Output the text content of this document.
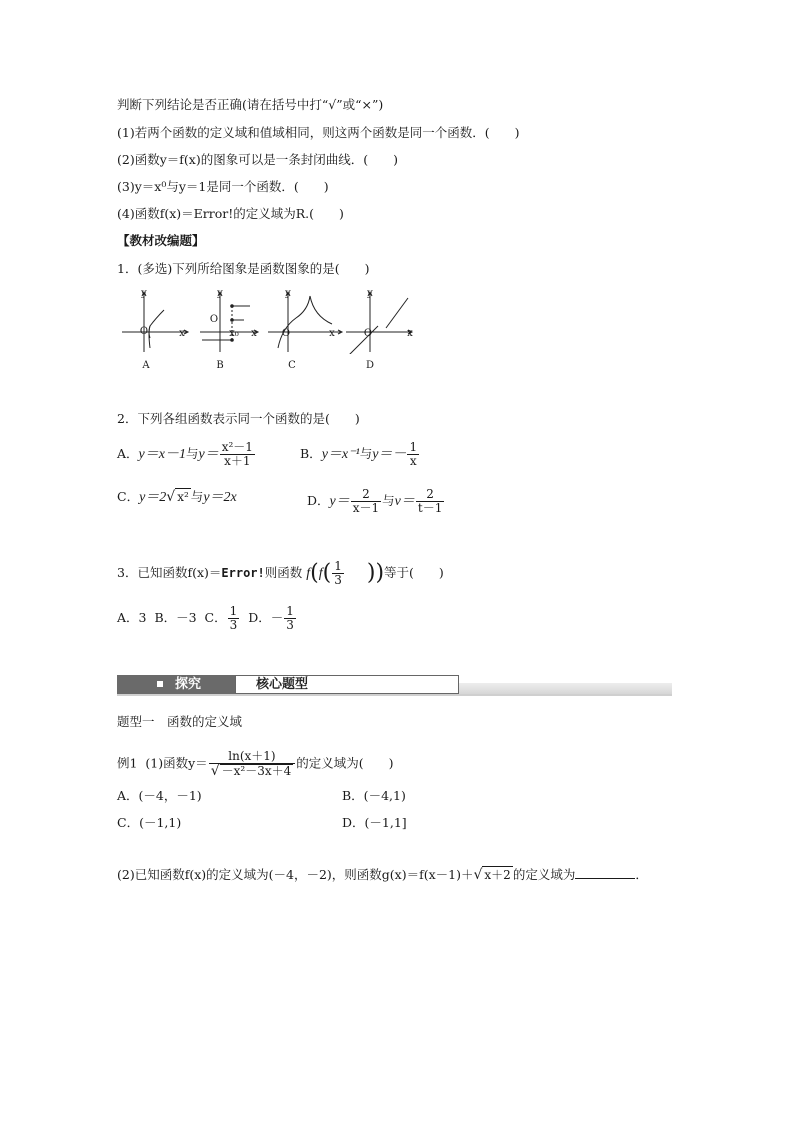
判断下列结论是否正确(请在括号中打“√”或“×”)
(1)若两个函数的定义域和值域相同，则这两个函数是同一个函数．(　　)
(2)函数y＝f(x)的图象可以是一条封闭曲线．(　　)
(3)y＝x⁰与y＝1是同一个函数．(　　)
(4)函数f(x)＝Error!的定义域为R.(　　)
【教材改编题】
1．(多选)下列所给图象是函数图象的是(　　)
y
O	x
A
y
O
x₀	x
B
y
O	x
C
y
O	x
D
2．下列各组函数表示同一个函数的是(　　)
A．y＝x－1与$y= \frac{\text{x²－1}}{x+1}$	B．y＝x⁻¹与$y=- \frac{1}{x}$
C．y＝2√ x² 与y＝2x	D．$y= \frac{2}{x-1}$ 与$v= \frac{2}{t-1}$
3．已知函数f(x)＝Error!则函数 $f(f( \frac{1}{3}$ ))等于(　　)
A．3 B．－3 C． $\frac{1}{3}$ D．－ $\frac{1}{3}$
探究	核心题型
题型一　函数的定义域
例1 (1)函数$y= \frac{\ln(x+1)}{\text{√ －x²－3x＋4}}$ 的定义域为(　　)
A．(－4，－1)	B．(－4,1)
C．(－1,1)	D．(－1,1]
(2)已知函数f(x)的定义域为(－4，－2)，则函数g(x)＝f(x－1)＋√ x＋2 的定义域为	．
